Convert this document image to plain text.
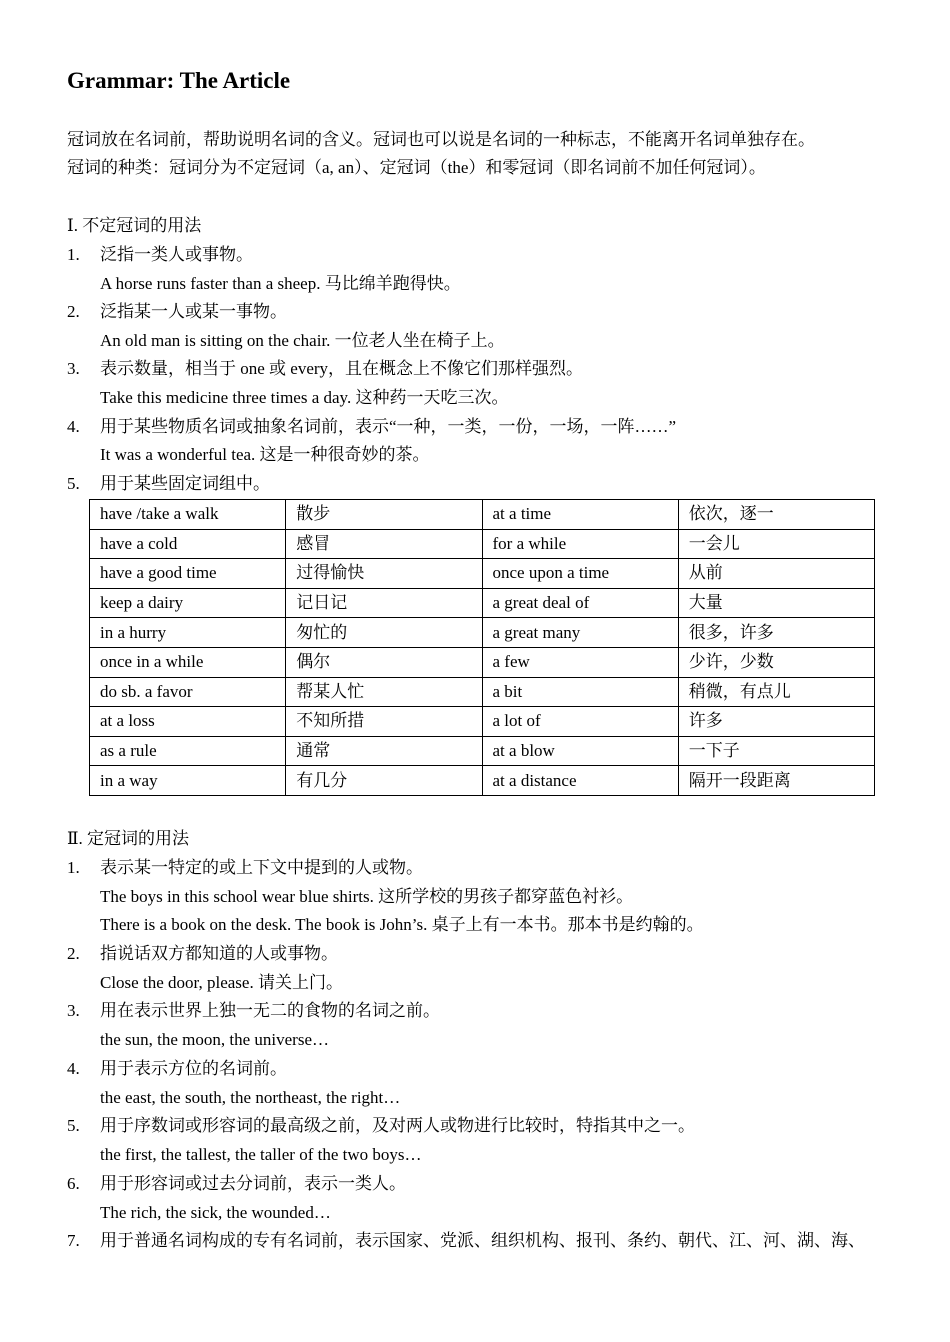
Grammar: The Article
冠词放在名词前，帮助说明名词的含义。冠词也可以说是名词的一种标志，不能离开名词单独存在。
冠词的种类：冠词分为不定冠词（a, an）、定冠词（the）和零冠词（即名词前不加任何冠词）。
Ⅰ. 不定冠词的用法
1. 泛指一类人或事物。
A horse runs faster than a sheep. 马比绵羊跑得快。
2. 泛指某一人或某一事物。
An old man is sitting on the chair. 一位老人坐在椅子上。
3. 表示数量，相当于 one 或 every，且在概念上不像它们那样强烈。
Take this medicine three times a day. 这种药一天吃三次。
4. 用于某些物质名词或抽象名词前，表示“一种，一类，一份，一场，一阵……”
It was a wonderful tea. 这是一种很奇妙的茶。
5. 用于某些固定词组中。
have /take a walk	散步	at a time	依次，逐一
have a cold	感冒	for a while	一会儿
have a good time	过得愉快	once upon a time	从前
keep a dairy	记日记	a great deal of	大量
in a hurry	匆忙的	a great many	很多，许多
once in a while	偶尔	a few	少许，少数
do sb. a favor	帮某人忙	a bit	稍微，有点儿
at a loss	不知所措	a lot of	许多
as a rule	通常	at a blow	一下子
in a way	有几分	at a distance	隔开一段距离
Ⅱ. 定冠词的用法
1. 表示某一特定的或上下文中提到的人或物。
The boys in this school wear blue shirts. 这所学校的男孩子都穿蓝色衬衫。
There is a book on the desk. The book is John’s. 桌子上有一本书。那本书是约翰的。
2. 指说话双方都知道的人或事物。
Close the door, please. 请关上门。
3. 用在表示世界上独一无二的食物的名词之前。
the sun, the moon, the universe…
4. 用于表示方位的名词前。
the east, the south, the northeast, the right…
5. 用于序数词或形容词的最高级之前，及对两人或物进行比较时，特指其中之一。
the first, the tallest, the taller of the two boys…
6. 用于形容词或过去分词前，表示一类人。
The rich, the sick, the wounded…
7. 用于普通名词构成的专有名词前，表示国家、党派、组织机构、报刊、条约、朝代、江、河、湖、海、
